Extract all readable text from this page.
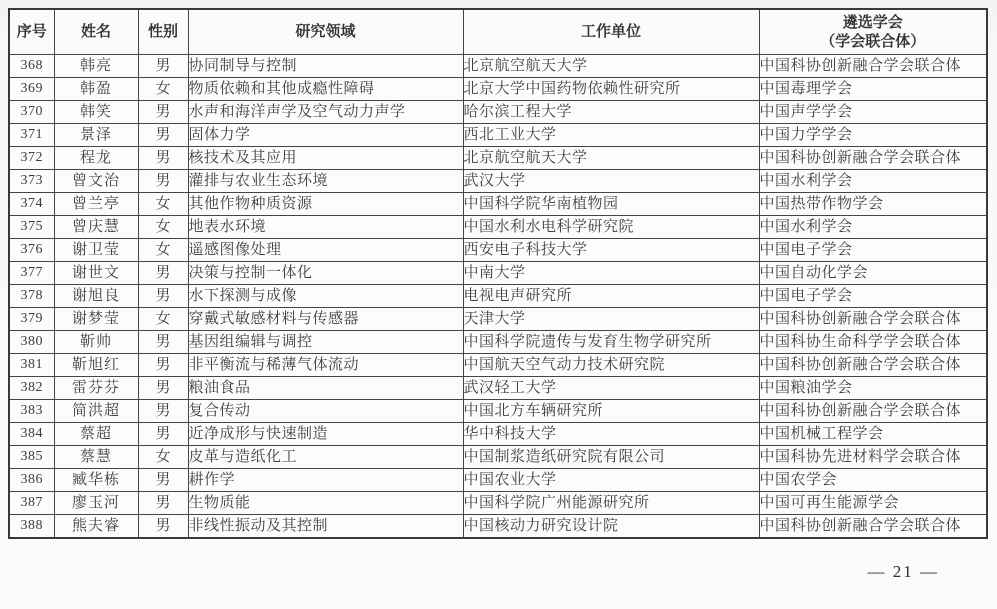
序号	姓名	性别	研究领域	工作单位	遴选学会
（学会联合体）
368	韩亮	男	协同制导与控制	北京航空航天大学	中国科协创新融合学会联合体
369	韩盈	女	物质依赖和其他成瘾性障碍	北京大学中国药物依赖性研究所	中国毒理学会
370	韩笑	男	水声和海洋声学及空气动力声学	哈尔滨工程大学	中国声学学会
371	景泽	男	固体力学	西北工业大学	中国力学学会
372	程龙	男	核技术及其应用	北京航空航天大学	中国科协创新融合学会联合体
373	曾文治	男	灌排与农业生态环境	武汉大学	中国水利学会
374	曾兰亭	女	其他作物种质资源	中国科学院华南植物园	中国热带作物学会
375	曾庆慧	女	地表水环境	中国水利水电科学研究院	中国水利学会
376	谢卫莹	女	遥感图像处理	西安电子科技大学	中国电子学会
377	谢世文	男	决策与控制一体化	中南大学	中国自动化学会
378	谢旭良	男	水下探测与成像	电视电声研究所	中国电子学会
379	谢梦莹	女	穿戴式敏感材料与传感器	天津大学	中国科协创新融合学会联合体
380	靳帅	男	基因组编辑与调控	中国科学院遗传与发育生物学研究所	中国科协生命科学学会联合体
381	靳旭红	男	非平衡流与稀薄气体流动	中国航天空气动力技术研究院	中国科协创新融合学会联合体
382	雷芬芬	男	粮油食品	武汉轻工大学	中国粮油学会
383	简洪超	男	复合传动	中国北方车辆研究所	中国科协创新融合学会联合体
384	蔡超	男	近净成形与快速制造	华中科技大学	中国机械工程学会
385	蔡慧	女	皮革与造纸化工	中国制浆造纸研究院有限公司	中国科协先进材料学会联合体
386	臧华栋	男	耕作学	中国农业大学	中国农学会
387	廖玉河	男	生物质能	中国科学院广州能源研究所	中国可再生能源学会
388	熊夫睿	男	非线性振动及其控制	中国核动力研究设计院	中国科协创新融合学会联合体
— 21 —
